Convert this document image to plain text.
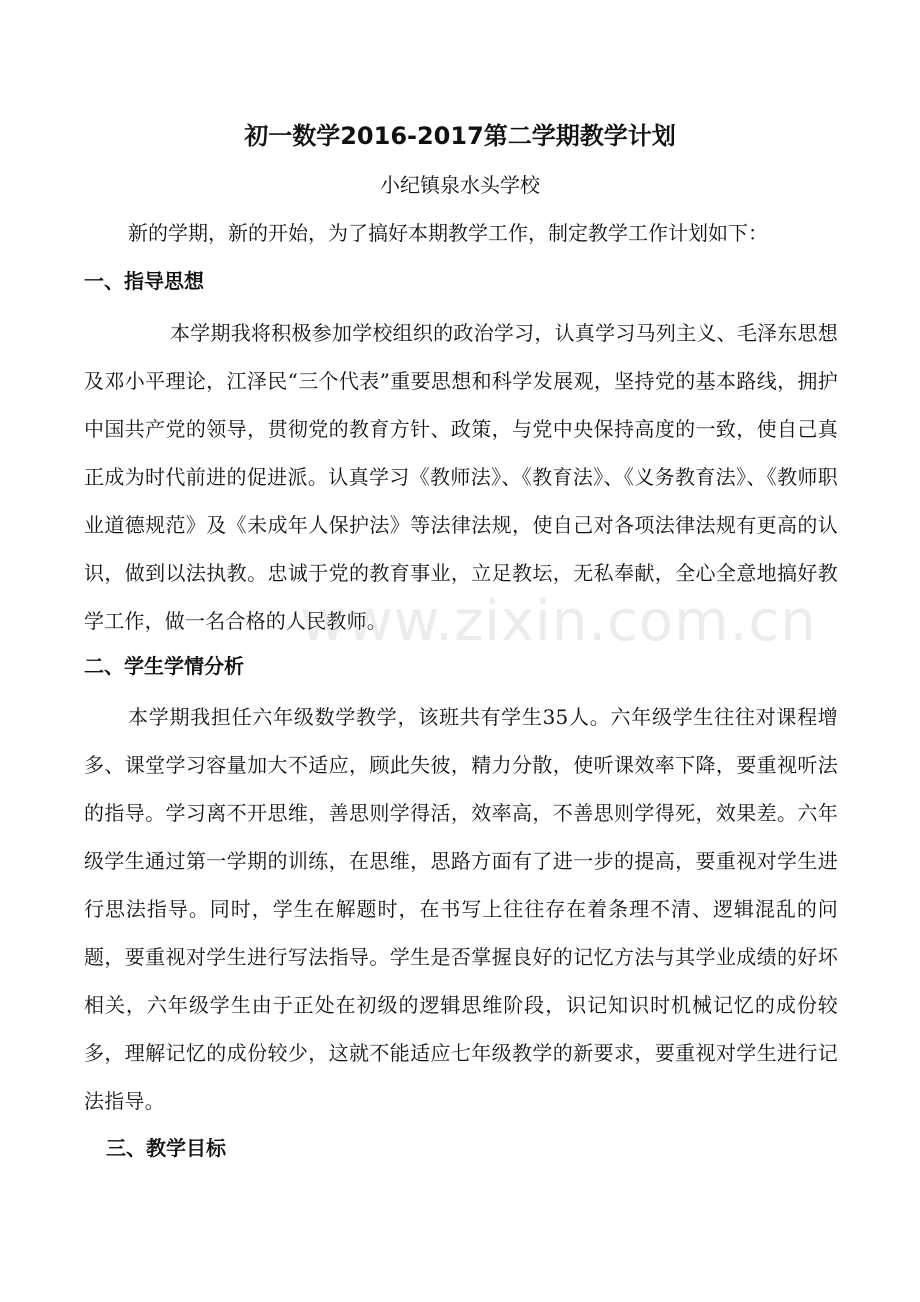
初一数学2016-2017第二学期教学计划

小纪镇泉水头学校

新的学期，新的开始，为了搞好本期教学工作，制定教学工作计划如下：

一、指导思想

本学期我将积极参加学校组织的政治学习，认真学习马列主义、毛泽东思想及邓小平理论，江泽民“三个代表”重要思想和科学发展观，坚持党的基本路线，拥护中国共产党的领导，贯彻党的教育方针、政策，与党中央保持高度的一致，使自己真正成为时代前进的促进派。认真学习《教师法》、《教育法》、《义务教育法》、《教师职业道德规范》及《未成年人保护法》等法律法规，使自己对各项法律法规有更高的认识，做到以法执教。忠诚于党的教育事业，立足教坛，无私奉献，全心全意地搞好教学工作，做一名合格的人民教师。

二、学生学情分析

本学期我担任六年级数学教学，该班共有学生35人。六年级学生往往对课程增多、课堂学习容量加大不适应，顾此失彼，精力分散，使听课效率下降，要重视听法的指导。学习离不开思维，善思则学得活，效率高，不善思则学得死，效果差。六年级学生通过第一学期的训练，在思维，思路方面有了进一步的提高，要重视对学生进行思法指导。同时，学生在解题时，在书写上往往存在着条理不清、逻辑混乱的问题，要重视对学生进行写法指导。学生是否掌握良好的记忆方法与其学业成绩的好坏相关，六年级学生由于正处在初级的逻辑思维阶段，识记知识时机械记忆的成份较多，理解记忆的成份较少，这就不能适应七年级教学的新要求，要重视对学生进行记法指导。

三、教学目标
www.zixin.com.cn
